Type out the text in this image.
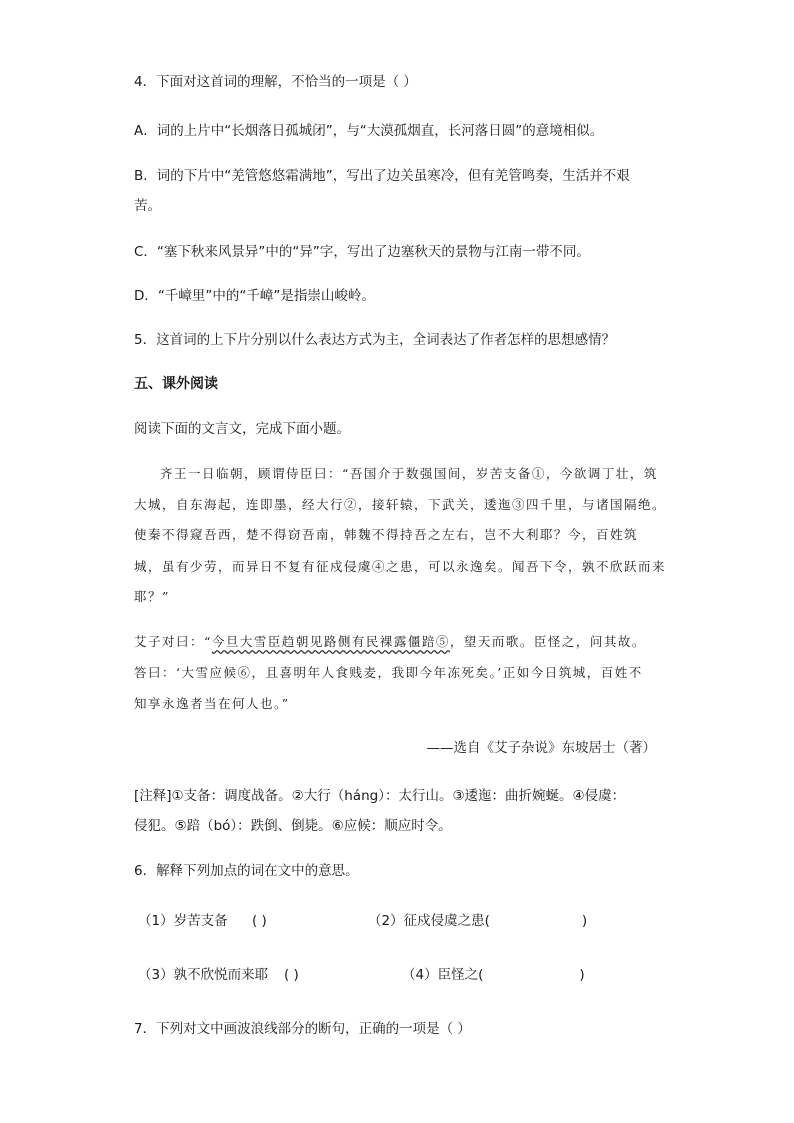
4．下面对这首词的理解，不恰当的一项是（ ）
A．词的上片中“长烟落日孤城闭”，与“大漠孤烟直，长河落日圆”的意境相似。
B．词的下片中“羌管悠悠霜满地”，写出了边关虽寒冷，但有羌管鸣奏，生活并不艰
苦。
C．“塞下秋来风景异”中的“异”字，写出了边塞秋天的景物与江南一带不同。
D．“千嶂里”中的“千嶂”是指崇山峻岭。
5．这首词的上下片分别以什么表达方式为主，全词表达了作者怎样的思想感情？
五、课外阅读
阅读下面的文言文，完成下面小题。
齐王一日临朝，顾谓侍臣曰：“吾国介于数强国间，岁苦支备①，今欲调丁壮，筑
大城，自东海起，连即墨，经大行②，接轩辕，下武关，逶迤③四千里，与诸国隔绝。
使秦不得窥吾西，楚不得窃吾南，韩魏不得持吾之左右，岂不大利耶？今，百姓筑
城，虽有少劳，而异日不复有征戍侵虞④之患，可以永逸矣。闻吾下令，孰不欣跃而来
耶？”
艾子对曰：“今旦大雪臣趋朝见路侧有民裸露僵踣⑤，望天而歌。臣怪之，问其故。
答曰：‘大雪应候⑥，且喜明年人食贱麦，我即今年冻死矣。’正如今日筑城，百姓不
知享永逸者当在何人也。”
——选自《艾子杂说》东坡居士（著）
[注释]①支备：调度战备。②大行（háng）：太行山。③逶迤：曲折婉蜒。④侵虞：
侵犯。⑤踣（bó）：跌倒、倒毙。⑥应候：顺应时令。
6．解释下列加点的词在文中的意思。
（1）岁苦支备 ( )	（2）征戍侵虞之患(	)
（3）孰不欣悦而来耶 ( )	（4）臣怪之(	)
7．下列对文中画波浪线部分的断句，正确的一项是（ ）
